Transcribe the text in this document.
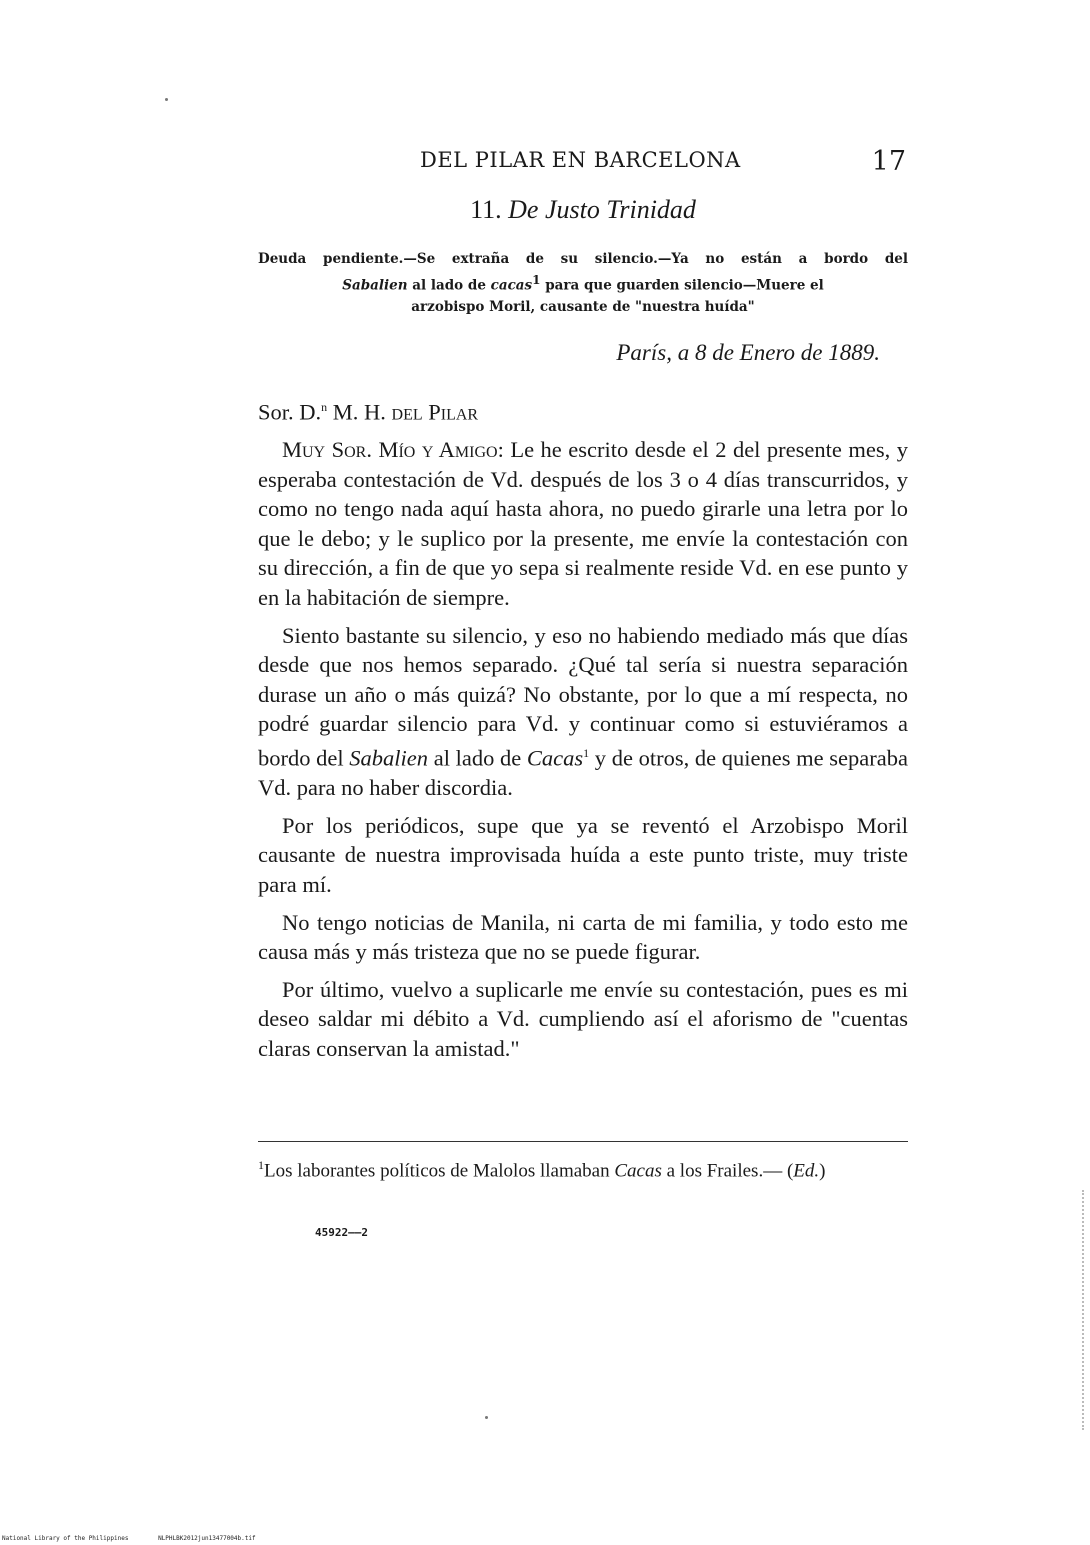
DEL PILAR EN BARCELONA	17
11. De Justo Trinidad
Deuda pendiente.—Se extraña de su silencio.—Ya no están a bordo del
Sabalien al lado de cacas1 para que guarden silencio—Muere el
arzobispo Moril, causante de "nuestra huída"
París, a 8 de Enero de 1889.

Sor. D.$^n$ M. H. del Pilar

Muy Sor. Mío y Amigo: Le he escrito desde el 2 del presente mes, y esperaba contestación de Vd. después de los 3 o 4 días transcurridos, y como no tengo nada aquí hasta ahora, no puedo girarle una letra por lo que le debo; y le suplico por la presente, me envíe la contestación con su dirección, a fin de que yo sepa si realmente reside Vd. en ese punto y en la habitación de siempre.

Siento bastante su silencio, y eso no habiendo mediado más que días desde que nos hemos separado. ¿Qué tal sería si nuestra separación durase un año o más quizá? No obstante, por lo que a mí respecta, no podré guardar silencio para Vd. y continuar como si estuviéramos a bordo del Sabalien al lado de Cacas$^1$ y de otros, de quienes me separaba Vd. para no haber discordia.

Por los periódicos, supe que ya se reventó el Arzobispo Moril causante de nuestra improvisada huída a este punto triste, muy triste para mí.

No tengo noticias de Manila, ni carta de mi familia, y todo esto me causa más y más tristeza que no se puede figurar.

Por último, vuelvo a suplicarle me envíe su contestación, pues es mi deseo saldar mi débito a Vd. cumpliendo así el aforismo de "cuentas claras conservan la amistad."

$^1$Los laborantes políticos de Malolos llamaban Cacas a los Frailes.— (Ed.)
45922——2
National Library of the Philippines	NLPHLBK2012jun13477004b.tif
